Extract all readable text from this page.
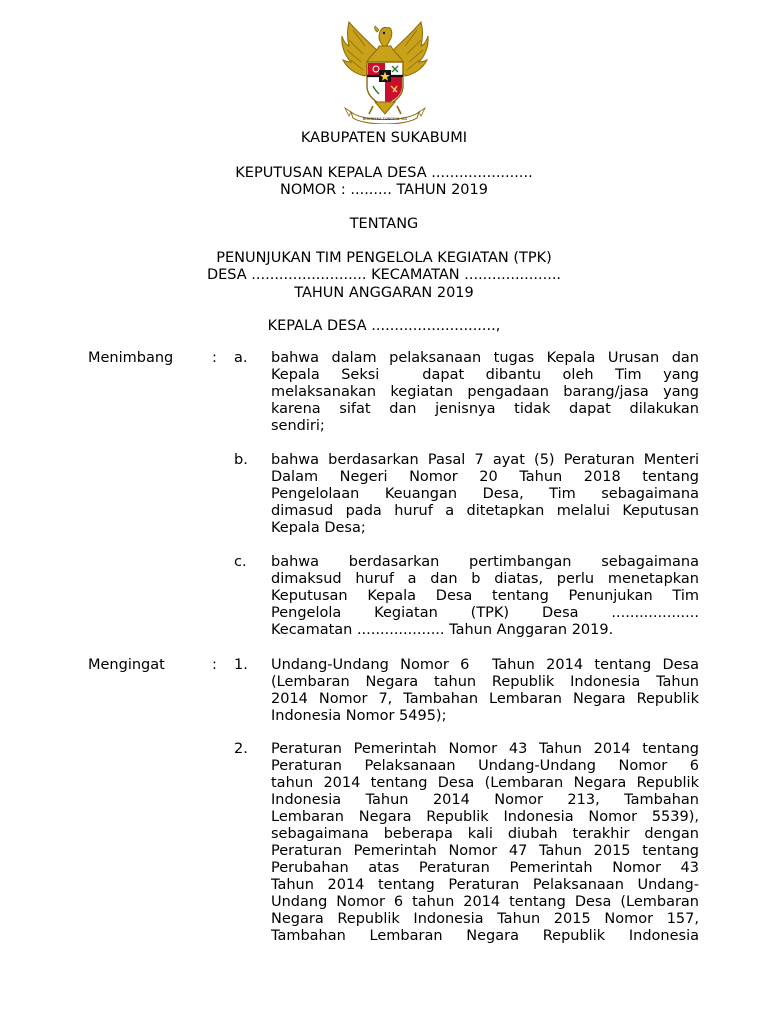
BHINNEKA TUNGGAL IKA
KABUPATEN SUKABUMI
KEPUTUSAN KEPALA DESA ......................
NOMOR : ......... TAHUN 2019
TENTANG
PENUNJUKAN TIM PENGELOLA KEGIATAN (TPK)
DESA ......................... KECAMATAN .....................
TAHUN ANGGARAN 2019
KEPALA DESA ...........................,
Menimbang	: a. bahwa dalam pelaksanaan tugas Kepala Urusan dan
Kepala Seksi  dapat dibantu oleh Tim yang
melaksanakan kegiatan pengadaan barang/jasa yang
karena sifat dan jenisnya tidak dapat dilakukan
sendiri;
b. bahwa berdasarkan Pasal 7 ayat (5) Peraturan Menteri
Dalam Negeri Nomor 20 Tahun 2018 tentang
Pengelolaan Keuangan Desa, Tim sebagaimana
dimasud pada huruf a ditetapkan melalui Keputusan
Kepala Desa;
c. bahwa berdasarkan pertimbangan sebagaimana
dimaksud huruf a dan b diatas, perlu menetapkan
Keputusan Kepala Desa tentang Penunjukan Tim
Pengelola Kegiatan (TPK) Desa ...................
Kecamatan ................... Tahun Anggaran 2019.
Mengingat	: 1. Undang-Undang Nomor 6  Tahun 2014 tentang Desa
(Lembaran Negara tahun Republik Indonesia Tahun
2014 Nomor 7, Tambahan Lembaran Negara Republik
Indonesia Nomor 5495);
2. Peraturan Pemerintah Nomor 43 Tahun 2014 tentang
Peraturan Pelaksanaan Undang-Undang Nomor 6
tahun 2014 tentang Desa (Lembaran Negara Republik
Indonesia Tahun 2014 Nomor 213, Tambahan
Lembaran Negara Republik Indonesia Nomor 5539),
sebagaimana beberapa kali diubah terakhir dengan
Peraturan Pemerintah Nomor 47 Tahun 2015 tentang
Perubahan atas Peraturan Pemerintah Nomor 43
Tahun 2014 tentang Peraturan Pelaksanaan Undang-
Undang Nomor 6 tahun 2014 tentang Desa (Lembaran
Negara Republik Indonesia Tahun 2015 Nomor 157,
Tambahan Lembaran Negara Republik Indonesia
